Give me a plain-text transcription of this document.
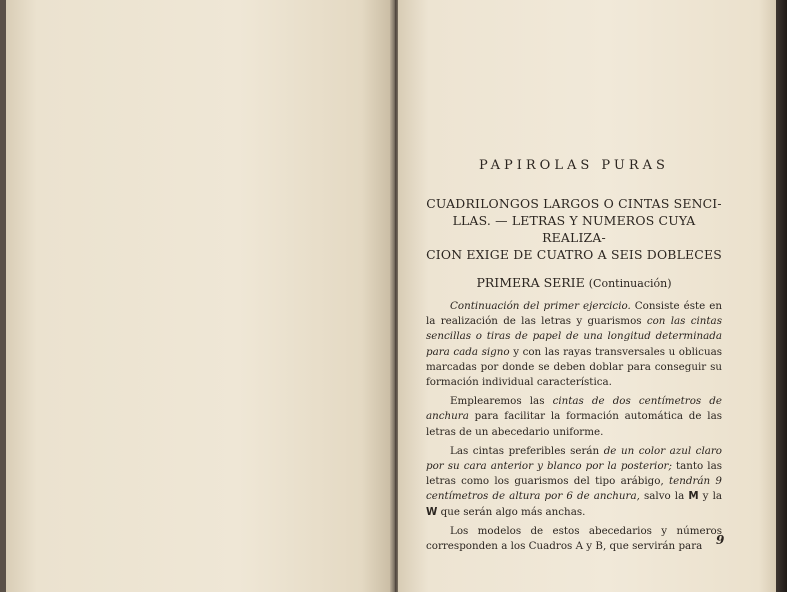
PAPIROLAS PURAS
CUADRILONGOS LARGOS O CINTAS SENCI-
LLAS. — LETRAS Y NUMEROS CUYA REALIZA-
CION EXIGE DE CUATRO A SEIS DOBLECES
PRIMERA SERIE (Continuación)

Continuación del primer ejercicio. Consiste éste en la realización de las letras y guarismos con las cintas sencillas o tiras de papel de una longitud determinada para cada signo y con las rayas transversales u oblicuas marcadas por donde se deben doblar para conseguir su formación individual característica.

Emplearemos las cintas de dos centímetros de anchura para facilitar la formación automática de las letras de un abecedario uniforme.

Las cintas preferibles serán de un color azul claro por su cara anterior y blanco por la posterior; tanto las letras como los guarismos del tipo arábigo, tendrán 9 centímetros de altura por 6 de anchura, salvo la M y la W que serán algo más anchas.

Los modelos de estos abecedarios y números corresponden a los Cuadros A y B, que servirán para	9
